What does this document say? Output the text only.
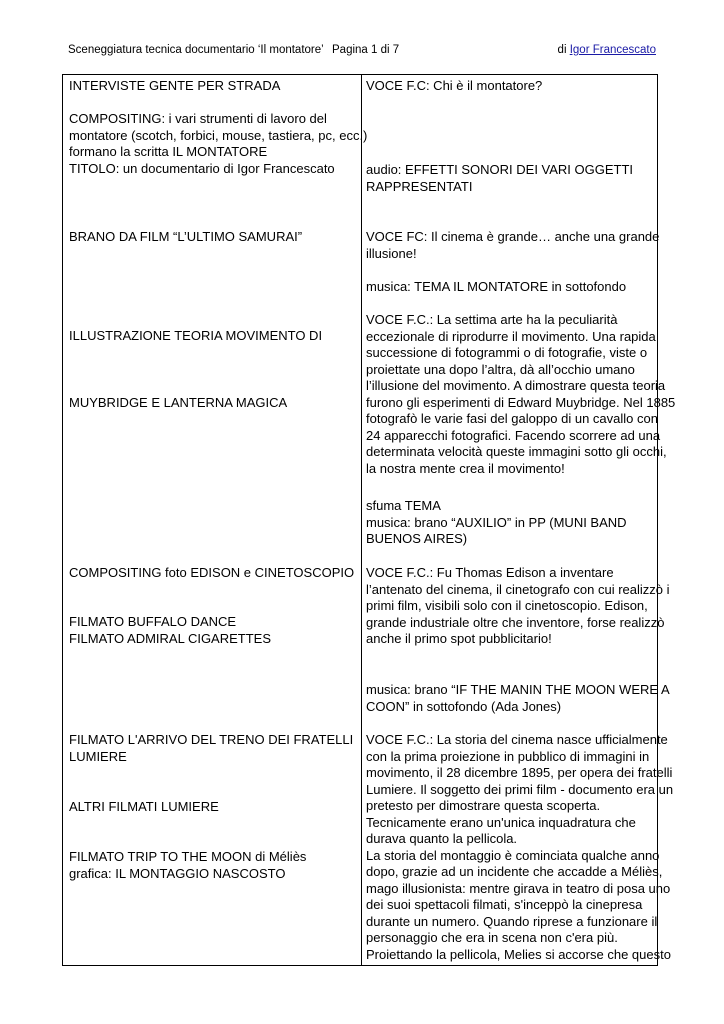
Sceneggiatura tecnica documentario ‘Il montatore’ Pagina 1 di 7	di Igor Francescato
INTERVISTE GENTE PER STRADA
COMPOSITING: i vari strumenti di lavoro del
montatore (scotch, forbici, mouse, tastiera, pc, ecc.)
formano la scritta IL MONTATORE
TITOLO: un documentario di Igor Francescato
BRANO DA FILM “L’ULTIMO SAMURAI”
ILLUSTRAZIONE TEORIA MOVIMENTO DI
MUYBRIDGE E LANTERNA MAGICA
COMPOSITING foto EDISON e CINETOSCOPIO
FILMATO BUFFALO DANCE
FILMATO ADMIRAL CIGARETTES
FILMATO L'ARRIVO DEL TRENO DEI FRATELLI
LUMIERE
ALTRI FILMATI LUMIERE
FILMATO TRIP TO THE MOON di Méliès
grafica: IL MONTAGGIO NASCOSTO
VOCE F.C: Chi è il montatore?
audio: EFFETTI SONORI DEI VARI OGGETTI
RAPPRESENTATI
VOCE FC: Il cinema è grande… anche una grande
illusione!
musica: TEMA IL MONTATORE in sottofondo
VOCE F.C.: La settima arte ha la peculiarità
eccezionale di riprodurre il movimento. Una rapida
successione di fotogrammi o di fotografie, viste o
proiettate una dopo l’altra, dà all’occhio umano
l’illusione del movimento. A dimostrare questa teoria
furono gli esperimenti di Edward Muybridge. Nel 1885
fotografò le varie fasi del galoppo di un cavallo con
24 apparecchi fotografici. Facendo scorrere ad una
determinata velocità queste immagini sotto gli occhi,
la nostra mente crea il movimento!
sfuma TEMA
musica: brano “AUXILIO” in PP (MUNI BAND
BUENOS AIRES)
VOCE F.C.: Fu Thomas Edison a inventare
l’antenato del cinema, il cinetografo con cui realizzò i
primi film, visibili solo con il cinetoscopio. Edison,
grande industriale oltre che inventore, forse realizzò
anche il primo spot pubblicitario!
musica: brano “IF THE MANIN THE MOON WERE A
COON” in sottofondo (Ada Jones)
VOCE F.C.: La storia del cinema nasce ufficialmente
con la prima proiezione in pubblico di immagini in
movimento, il 28 dicembre 1895, per opera dei fratelli
Lumiere. Il soggetto dei primi film - documento era un
pretesto per dimostrare questa scoperta.
Tecnicamente erano un'unica inquadratura che
durava quanto la pellicola.
La storia del montaggio è cominciata qualche anno
dopo, grazie ad un incidente che accadde a Méliès,
mago illusionista: mentre girava in teatro di posa uno
dei suoi spettacoli filmati, s'inceppò la cinepresa
durante un numero. Quando riprese a funzionare il
personaggio che era in scena non c'era più.
Proiettando la pellicola, Melies si accorse che questo
